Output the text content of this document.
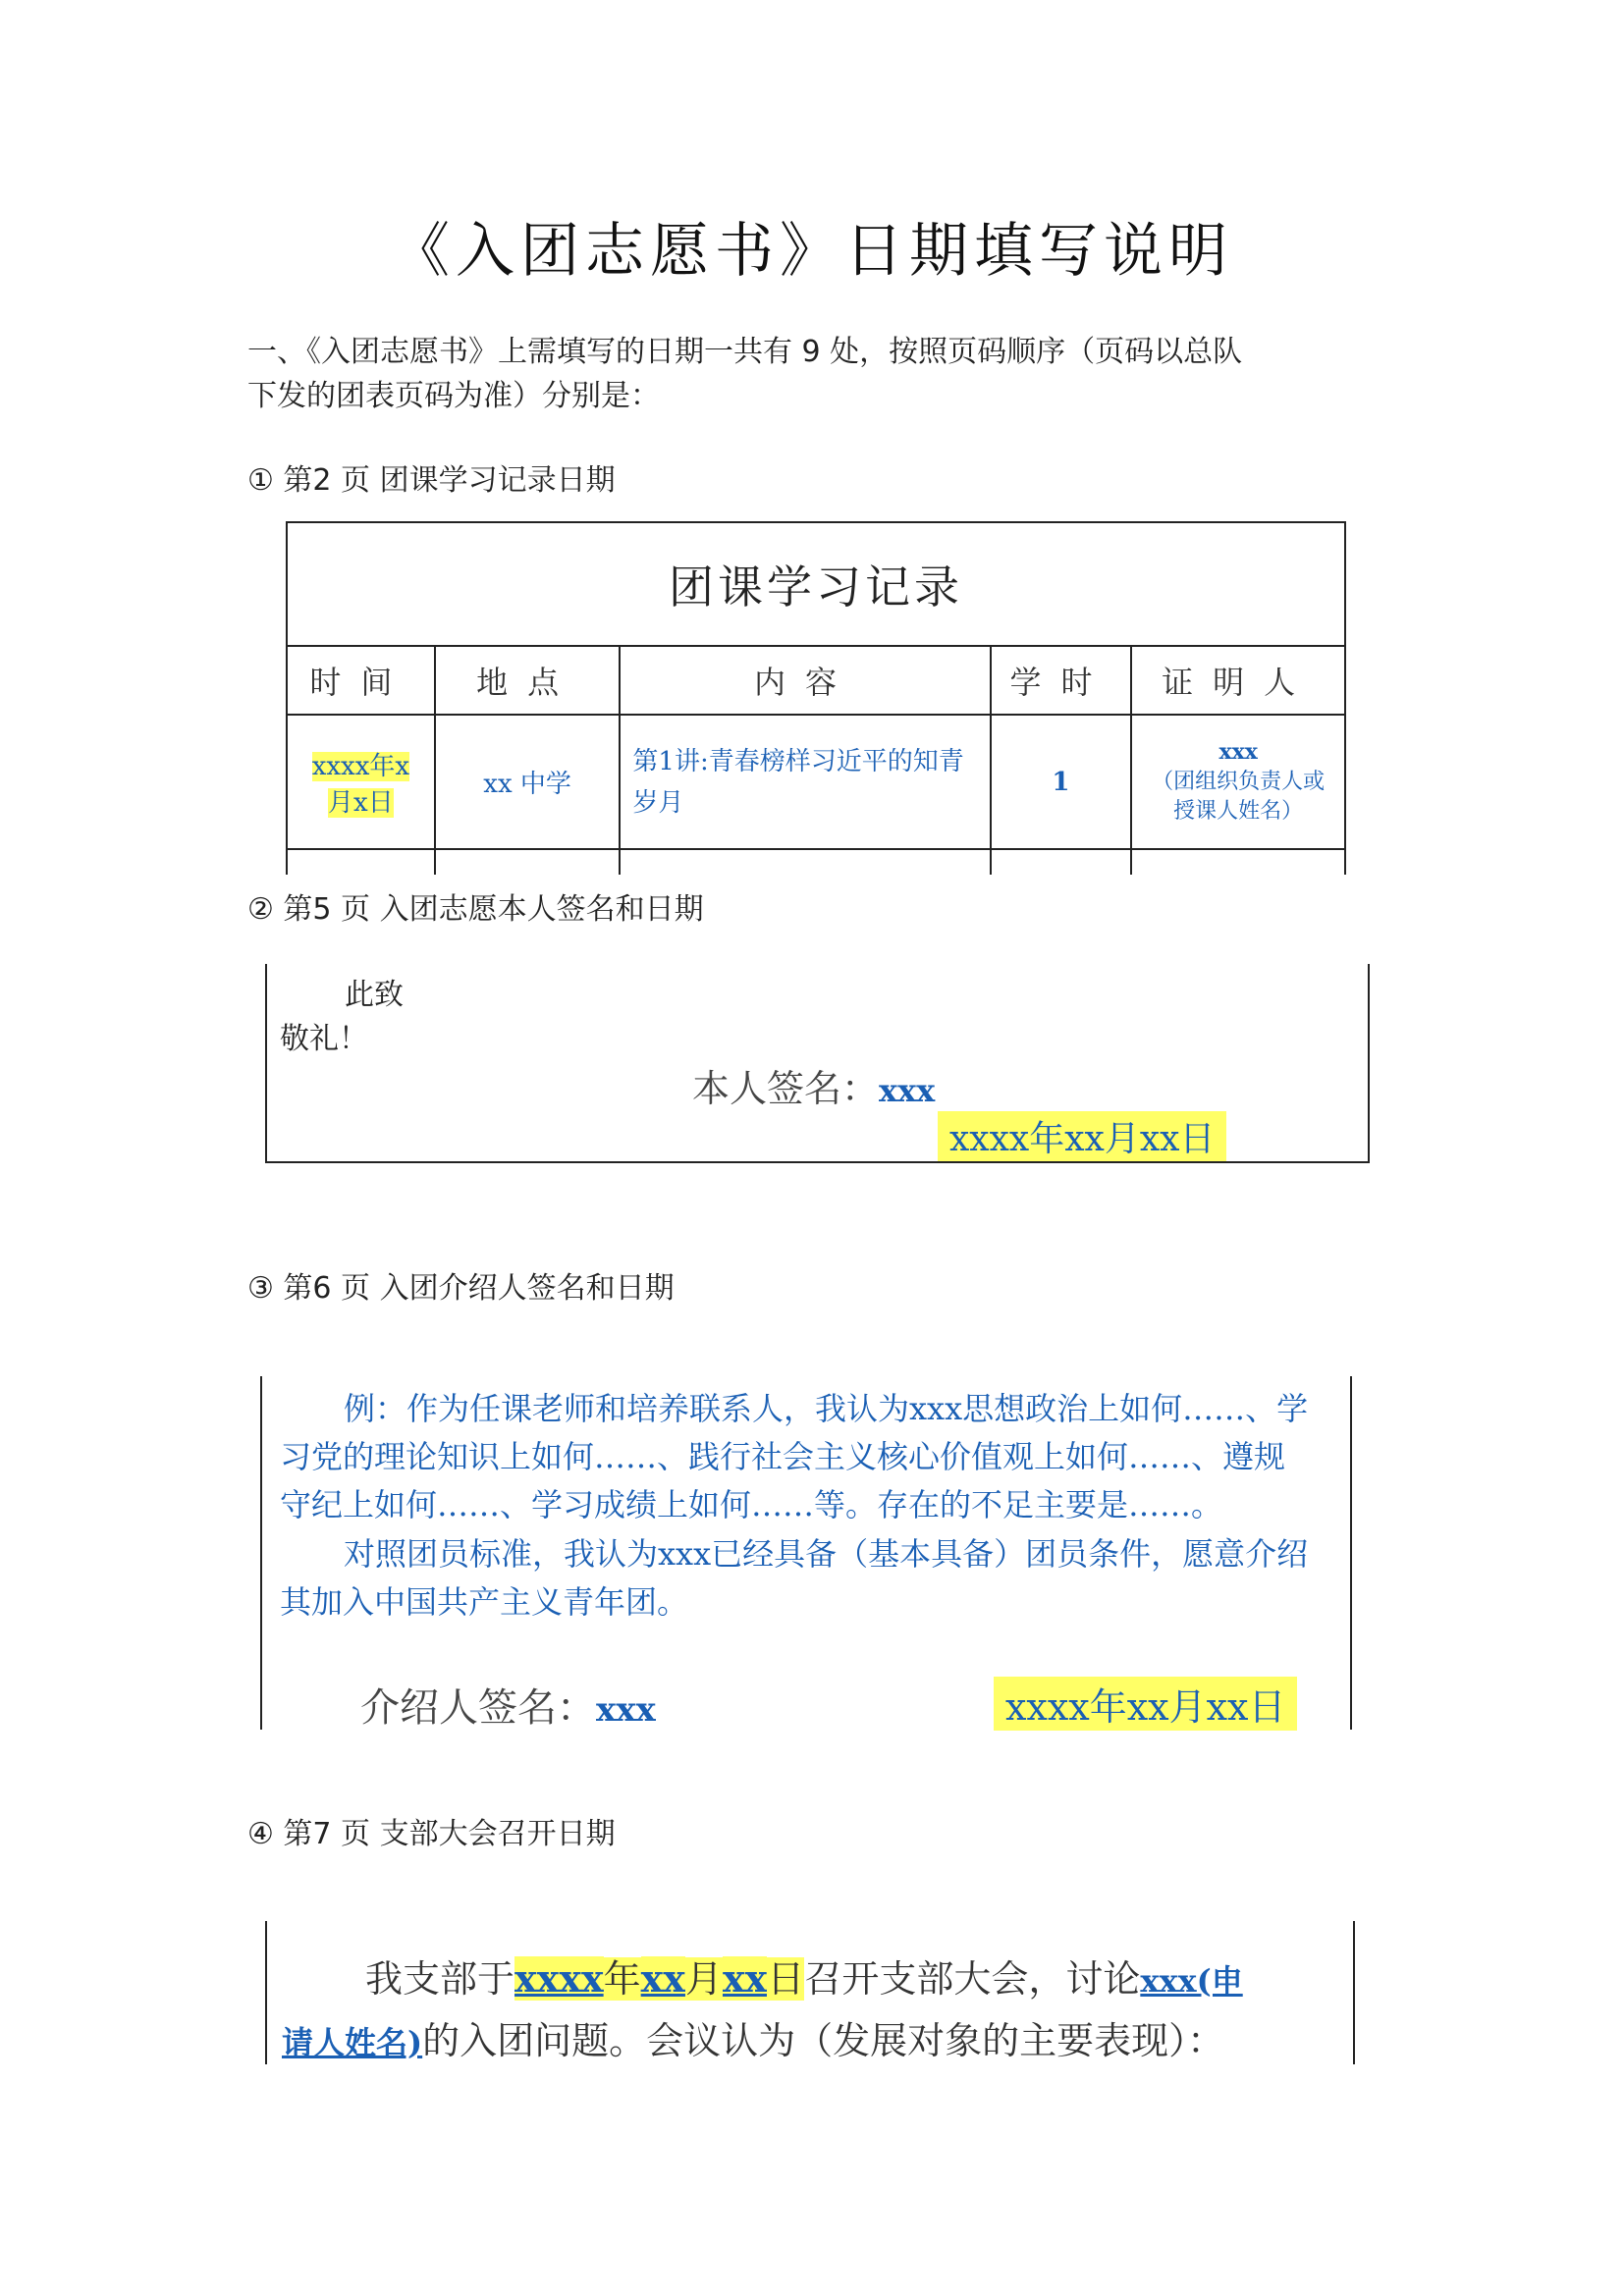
《入团志愿书》日期填写说明
一、《入团志愿书》上需填写的日期一共有 9 处，按照页码顺序（页码以总队
下发的团表页码为准）分别是：
① 第2 页 团课学习记录日期
团课学习记录				
时间	地点	内容	学时	证明人
xxxx年x
月x日	xx 中学	第1讲:青春榜样习近平的知青岁月	1	xxx
（团组织负责人或授课人姓名）

② 第5 页 入团志愿本人签名和日期
此致
敬礼！
本人签名：xxx
xxxx年xx月xx日
③ 第6 页 入团介绍人签名和日期
例：作为任课老师和培养联系人，我认为xxx思想政治上如何……、学
习党的理论知识上如何……、践行社会主义核心价值观上如何……、遵规
守纪上如何……、学习成绩上如何……等。存在的不足主要是……。
对照团员标准，我认为xxx已经具备（基本具备）团员条件，愿意介绍
其加入中国共产主义青年团。
介绍人签名：xxx	xxxx年xx月xx日
④ 第7 页 支部大会召开日期
我支部于xxxx年xx月xx日召开支部大会，讨论xxx(申
请人姓名)的入团问题。会议认为（发展对象的主要表现）：
